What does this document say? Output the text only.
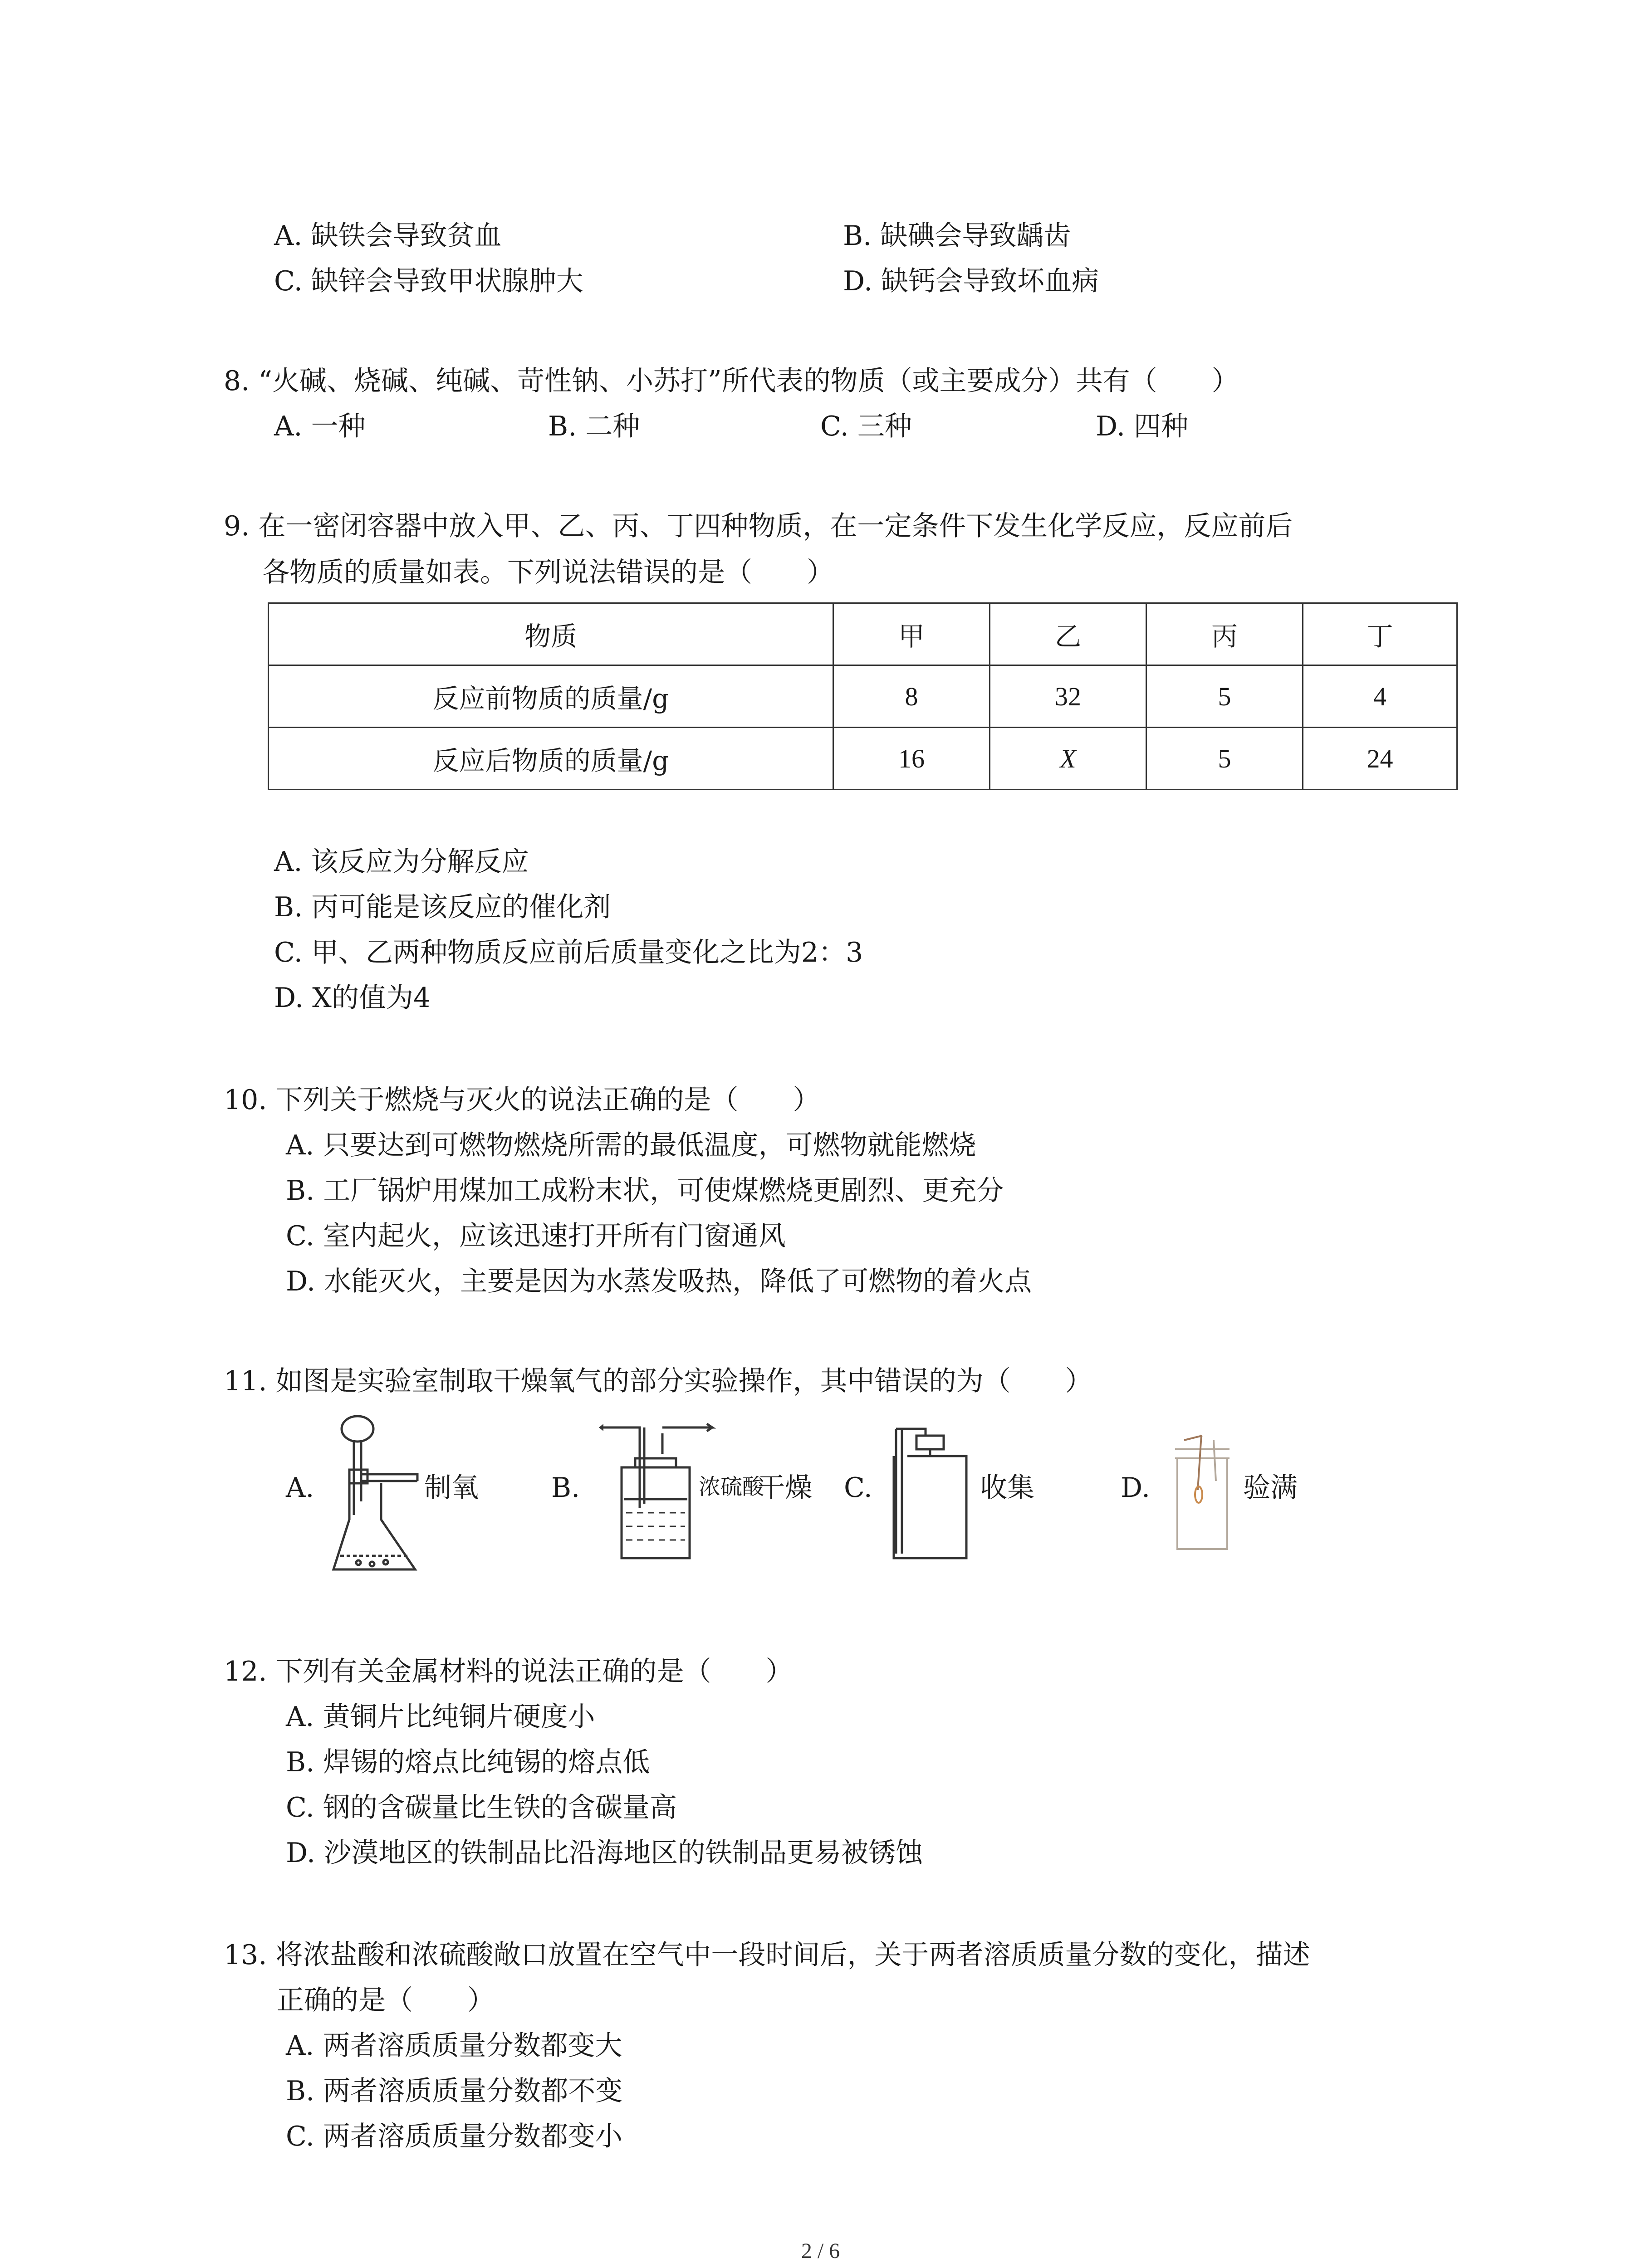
A. 缺铁会导致贫血	B. 缺碘会导致龋齿
C. 缺锌会导致甲状腺肿大	D. 缺钙会导致坏血病
8. “火碱、烧碱、纯碱、苛性钠、小苏打”所代表的物质（或主要成分）共有（　　）
A. 一种	B. 二种	C. 三种	D. 四种
9. 在一密闭容器中放入甲、乙、丙、丁四种物质，在一定条件下发生化学反应，反应前后
各物质的质量如表。下列说法错误的是（　　）
物质	甲	乙	丙	丁
反应前物质的质量/g	8	32	5	4
反应后物质的质量/g	16	X	5	24
A. 该反应为分解反应
B. 丙可能是该反应的催化剂
C. 甲、乙两种物质反应前后质量变化之比为2：3
D. X的值为4
10. 下列关于燃烧与灭火的说法正确的是（　　）
A. 只要达到可燃物燃烧所需的最低温度，可燃物就能燃烧
B. 工厂锅炉用煤加工成粉末状，可使煤燃烧更剧烈、更充分
C. 室内起火，应该迅速打开所有门窗通风
D. 水能灭火，主要是因为水蒸发吸热，降低了可燃物的着火点
11. 如图是实验室制取干燥氧气的部分实验操作，其中错误的为（　　）
A.	制氧	B.	浓硫酸
干燥 C.	收集	D.	验满
12. 下列有关金属材料的说法正确的是（　　）
A. 黄铜片比纯铜片硬度小
B. 焊锡的熔点比纯锡的熔点低
C. 钢的含碳量比生铁的含碳量高
D. 沙漠地区的铁制品比沿海地区的铁制品更易被锈蚀
13. 将浓盐酸和浓硫酸敞口放置在空气中一段时间后，关于两者溶质质量分数的变化，描述
正确的是（　　）
A. 两者溶质质量分数都变大
B. 两者溶质质量分数都不变
C. 两者溶质质量分数都变小
2 / 6
